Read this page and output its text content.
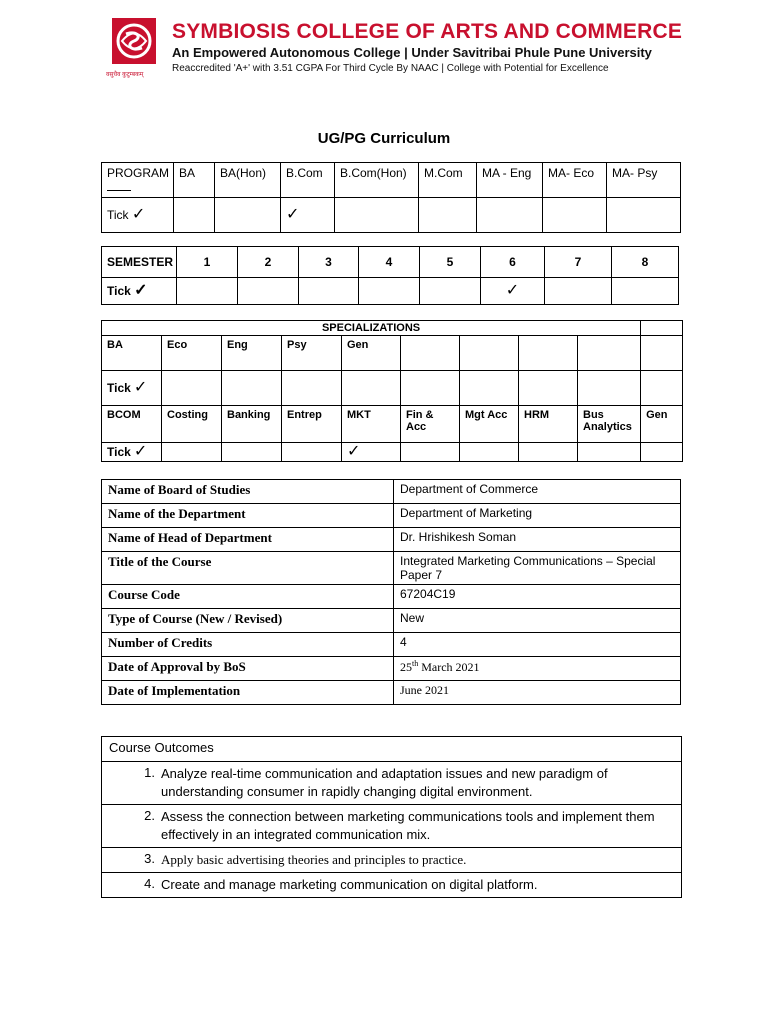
वसुधैव कुटुम्बकम्
SYMBIOSIS COLLEGE OF ARTS AND COMMERCE
An Empowered Autonomous College | Under Savitribai Phule Pune University
Reaccredited 'A+' with 3.51 CGPA For Third Cycle By NAAC | College with Potential for Excellence
UG/PG Curriculum
PROGRAM	BA	BA(Hon)	B.Com	B.Com(Hon)	M.Com	MA - Eng	MA- Eco	MA- Psy
Tick ✓			✓					
SEMESTER	1	2	3	4	5	6	7	8
Tick ✓						✓		
SPECIALIZATIONS									
BA	Eco	Eng	Psy	Gen					
Tick ✓									
BCOM	Costing	Banking	Entrep	MKT	Fin & Acc	Mgt Acc	HRM	Bus Analytics	Gen
Tick ✓				✓					
Name of Board of Studies	Department of Commerce
Name of the Department	Department of Marketing
Name of Head of Department	Dr. Hrishikesh Soman
Title of the Course	Integrated Marketing Communications – Special Paper 7
Course Code	67204C19
Type of Course (New / Revised)	New
Number of Credits	4
Date of Approval by BoS	25th March 2021
Date of Implementation	June 2021
Course Outcomes

1. Analyze real-time communication and adaptation issues and new paradigm of understanding consumer in rapidly changing digital environment.

2. Assess the connection between marketing communications tools and implement them effectively in an integrated communication mix.

3. Apply basic advertising theories and principles to practice.

4. Create and manage marketing communication on digital platform.
